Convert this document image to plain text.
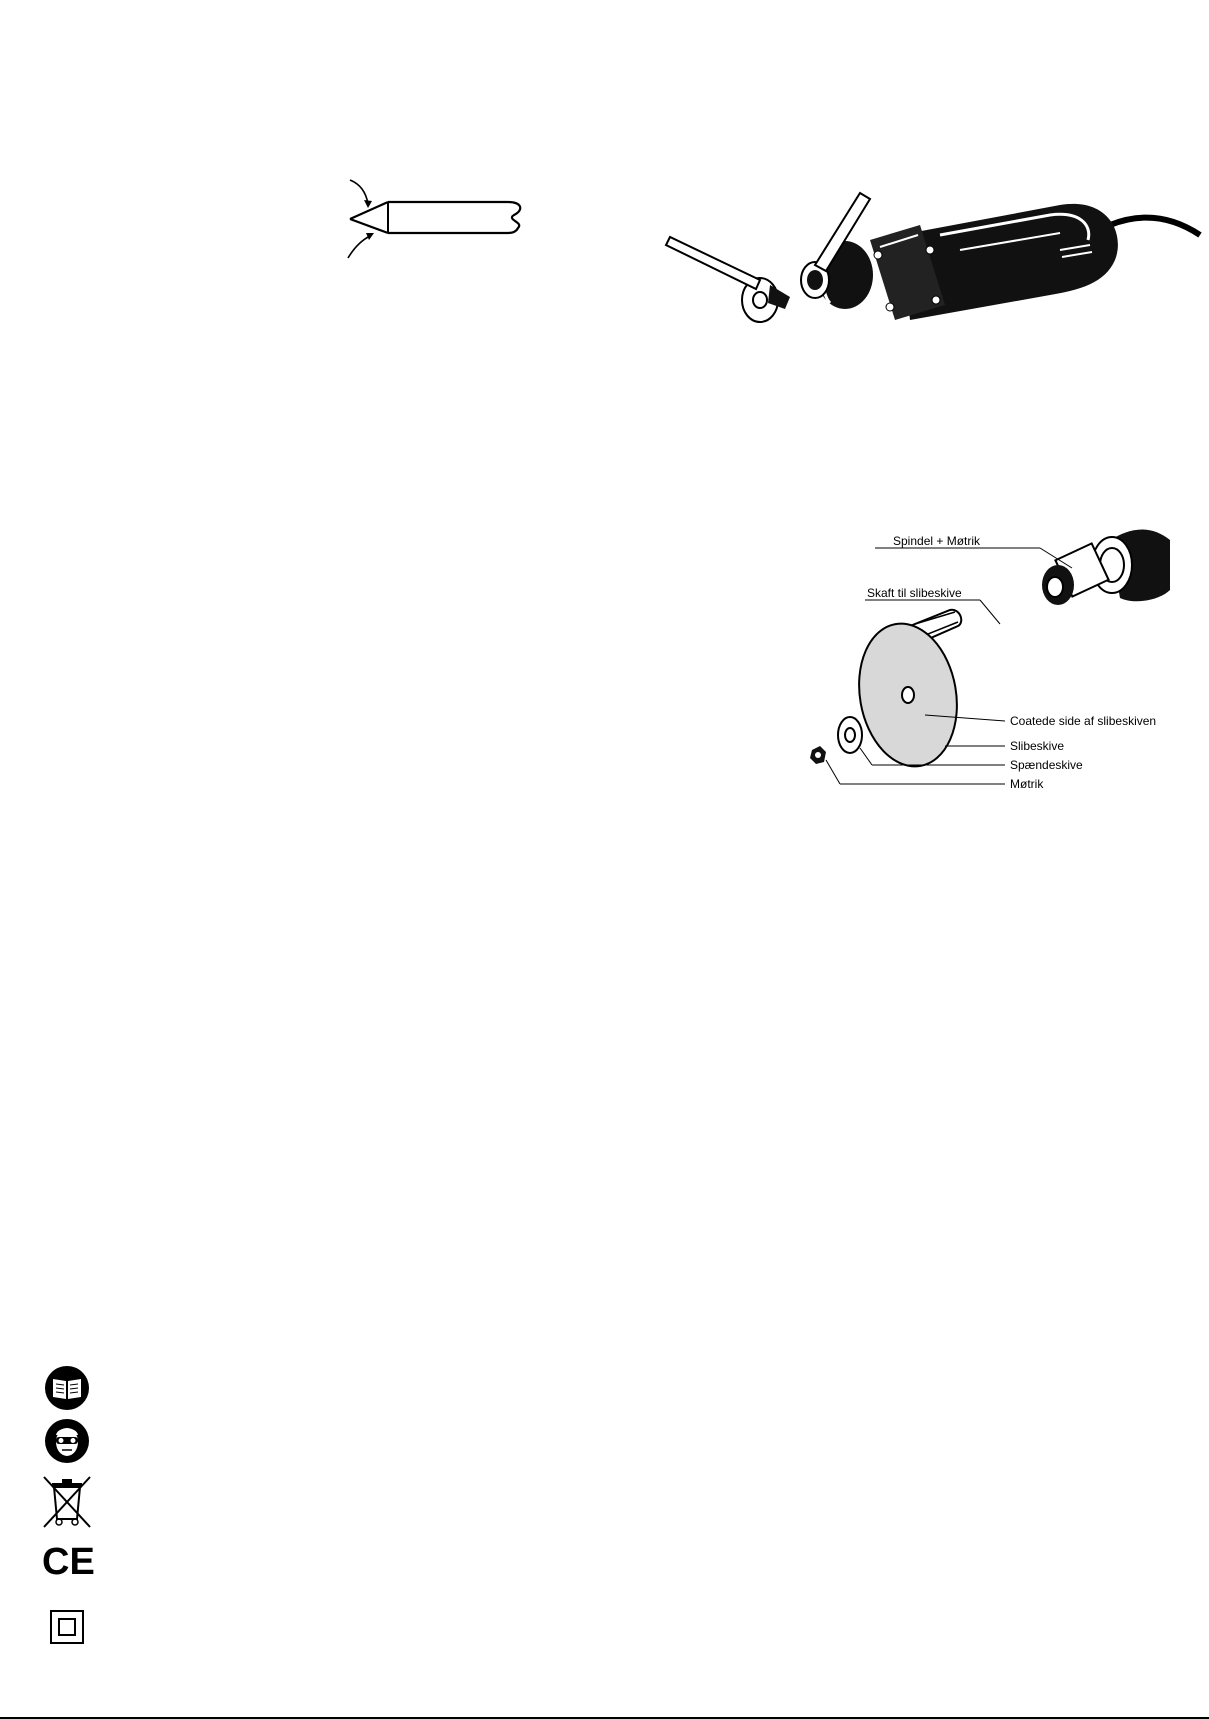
Spindel + Møtrik
Skaft til slibeskive
Coatede side af slibeskiven
Slibeskive
Spændeskive
Møtrik
CE
